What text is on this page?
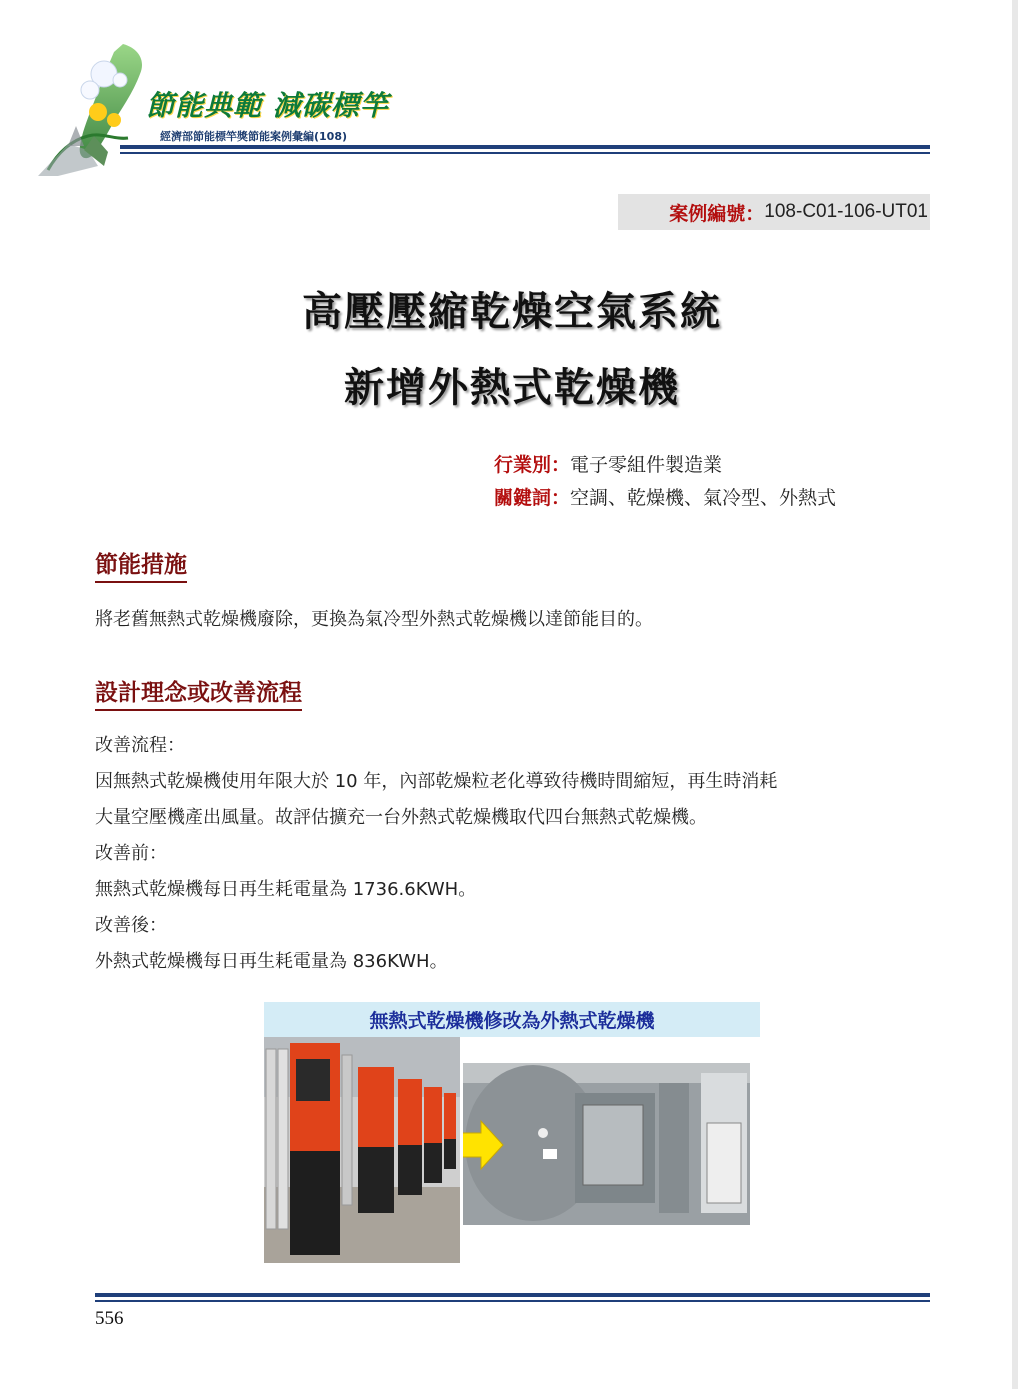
節能典範 減碳標竿
經濟部節能標竿獎節能案例彙編(108)
案例編號： 108-C01-106-UT01
高壓壓縮乾燥空氣系統
新增外熱式乾燥機
行業別：電子零組件製造業
關鍵詞：空調、乾燥機、氣冷型、外熱式
節能措施
將老舊無熱式乾燥機廢除，更換為氣冷型外熱式乾燥機以達節能目的。
設計理念或改善流程
改善流程：
因無熱式乾燥機使用年限大於 10 年，內部乾燥粒老化導致待機時間縮短，再生時消耗
大量空壓機產出風量。故評估擴充一台外熱式乾燥機取代四台無熱式乾燥機。
改善前：
無熱式乾燥機每日再生耗電量為 1736.6KWH。
改善後：
外熱式乾燥機每日再生耗電量為 836KWH。
無熱式乾燥機修改為外熱式乾燥機
556
